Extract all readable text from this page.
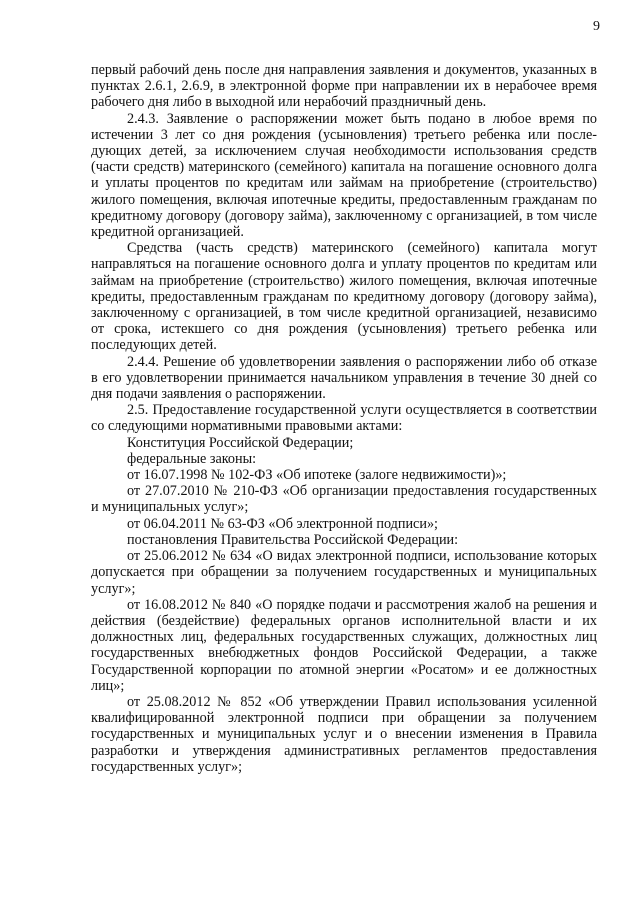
9

первый рабочий день после дня направления заявления и документов, указанных в пунктах 2.6.1, 2.6.9, в электронной форме при направлении их в нерабочее время рабочего дня либо в выходной или нерабочий праздничный день.

2.4.3. Заявление о распоряжении может быть подано в любое время по истечении 3 лет со дня рождения (усыновления) третьего ребенка или последующих детей, за исключением случая необходимости использования средств (части средств) материнского (семейного) капитала на погашение основного долга и уплаты процентов по кредитам или займам на приобретение (строительство) жилого помещения, включая ипотечные кредиты, предоставленным гражданам по кредитному договору (договору займа), заключенному с организацией, в том числе кредитной организацией.

Средства (часть средств) материнского (семейного) капитала могут направляться на погашение основного долга и уплату процентов по кредитам или займам на приобретение (строительство) жилого помещения, включая ипотечные кредиты, предоставленным гражданам по кредитному договору (договору займа), заключенному с организацией, в том числе кредитной организацией, независимо от срока, истекшего со дня рождения (усыновления) третьего ребенка или последующих детей.

2.4.4. Решение об удовлетворении заявления о распоряжении либо об отказе в его удовлетворении принимается начальником управления в течение 30 дней со дня подачи заявления о распоряжении.

2.5. Предоставление государственной услуги осуществляется в соответствии со следующими нормативными правовыми актами:

Конституция Российской Федерации;

федеральные законы:

от 16.07.1998 № 102-ФЗ «Об ипотеке (залоге недвижимости)»;

от 27.07.2010 № 210-ФЗ «Об организации предоставления государственных и муниципальных услуг»;

от 06.04.2011 № 63-ФЗ «Об электронной подписи»;

постановления Правительства Российской Федерации:

от 25.06.2012 № 634 «О видах электронной подписи, использование которых допускается при обращении за получением государственных и муниципальных услуг»;

от 16.08.2012 № 840 «О порядке подачи и рассмотрения жалоб на решения и действия (бездействие) федеральных органов исполнительной власти и их должностных лиц, федеральных государственных служащих, должностных лиц государственных внебюджетных фондов Российской Федерации, а также Государственной корпорации по атомной энергии «Росатом» и ее должностных лиц»;

от 25.08.2012 № 852 «Об утверждении Правил использования усиленной квалифицированной электронной подписи при обращении за получением государственных и муниципальных услуг и о внесении изменения в Правила разработки и утверждения административных регламентов предоставления государственных услуг»;
